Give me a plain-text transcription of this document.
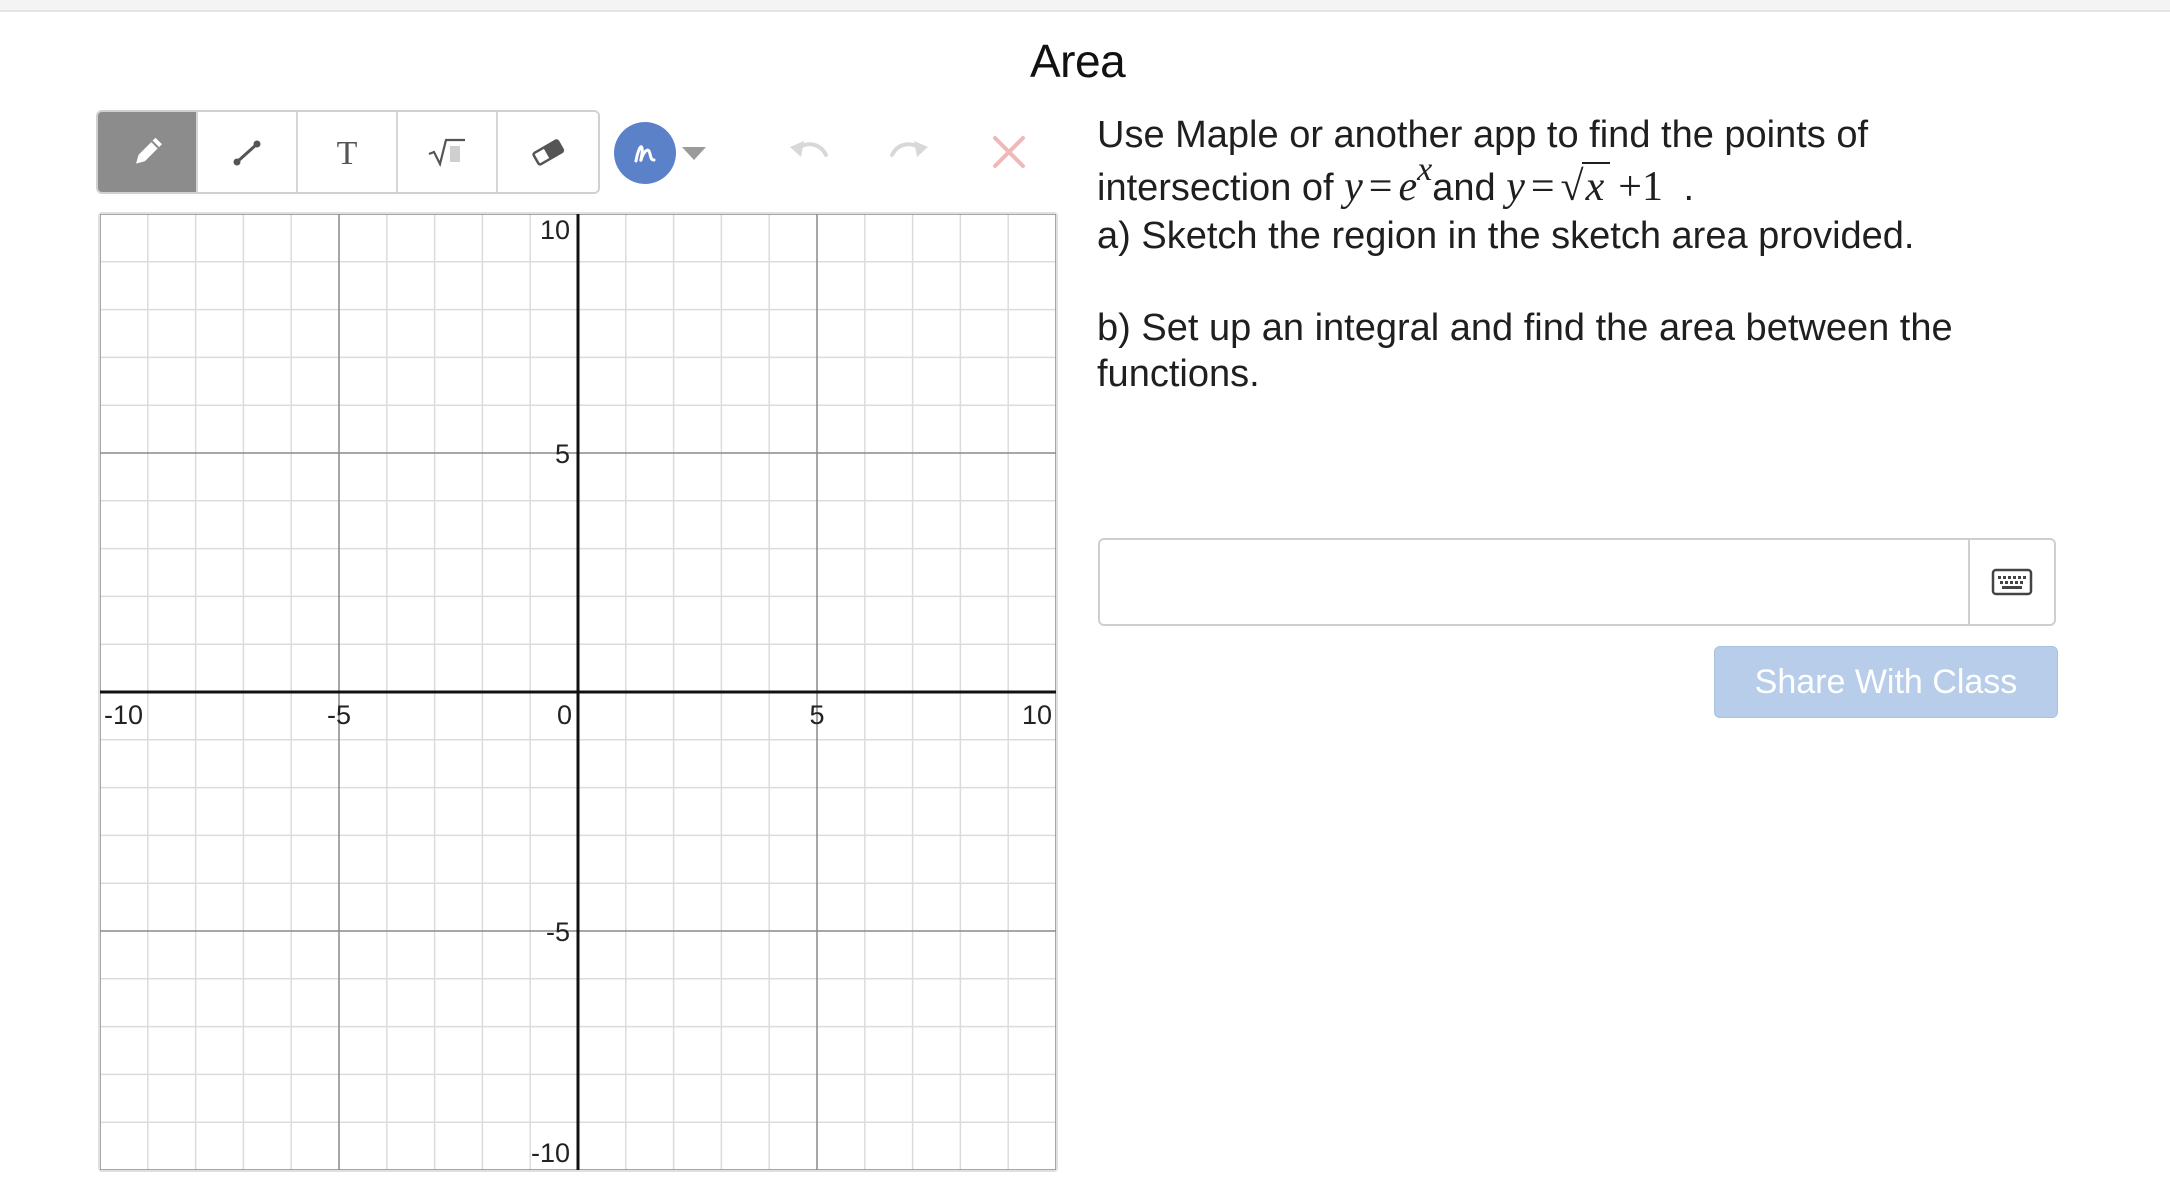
Area
T
-10	-5	0	5	10
10
5
-5
-10
Use Maple or another app to find the points of
intersection of y = exand y = √x +1 .
a) Sketch the region in the sketch area provided.
b) Set up an integral and find the area between the functions.
Share With Class
